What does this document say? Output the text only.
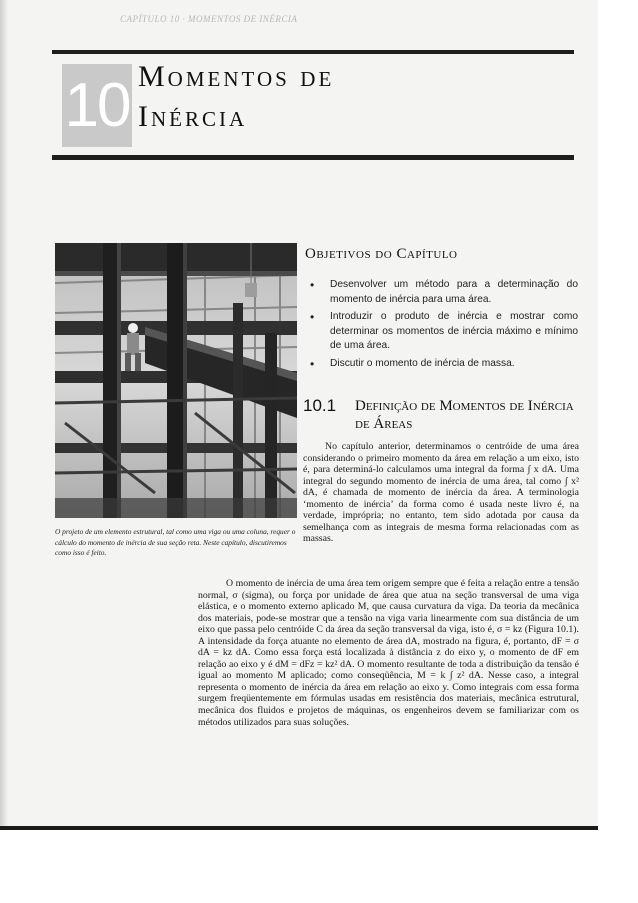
CAPÍTULO 10 · MOMENTOS DE INÉRCIA
10 Momentos de
Inércia
O projeto de um elemento estrutural, tal como uma viga ou uma coluna, requer o cálculo do momento de inércia de sua seção reta. Neste capítulo, discutiremos como isso é feito.
Objetivos do Capítulo
• Desenvolver um método para a determinação do momento de inércia para uma área.
• Introduzir o produto de inércia e mostrar como determinar os momentos de inércia máximo e mínimo de uma área.
• Discutir o momento de inércia de massa.
10.1 Definição de Momentos de Inércia de Áreas

No capítulo anterior, determinamos o centróide de uma área considerando o primeiro momento da área em relação a um eixo, isto é, para determiná-lo calculamos uma integral da forma ∫ x dA. Uma integral do segundo momento de inércia de uma área, tal como ∫ x² dA, é chamada de momento de inércia da área. A terminologia ‘momento de inércia’ da forma como é usada neste livro é, na verdade, imprópria; no entanto, tem sido adotada por causa da semelhança com as integrais de mesma forma relacionadas com as massas.

O momento de inércia de uma área tem origem sempre que é feita a relação entre a tensão normal, σ (sigma), ou força por unidade de área que atua na seção transversal de uma viga elástica, e o momento externo aplicado M, que causa curvatura da viga. Da teoria da mecânica dos materiais, pode-se mostrar que a tensão na viga varia linearmente com sua distância de um eixo que passa pelo centróide C da área da seção transversal da viga, isto é, σ = kz (Figura 10.1). A intensidade da força atuante no elemento de área dA, mostrado na figura, é, portanto, dF = σ dA = kz dA. Como essa força está localizada à distância z do eixo y, o momento de dF em relação ao eixo y é dM = dFz = kz² dA. O momento resultante de toda a distribuição da tensão é igual ao momento M aplicado; como conseqüência, M = k ∫ z² dA. Nesse caso, a integral representa o momento de inércia da área em relação ao eixo y. Como integrais com essa forma surgem freqüentemente em fórmulas usadas em resistência dos materiais, mecânica estrutural, mecânica dos fluidos e projetos de máquinas, os engenheiros devem se familiarizar com os métodos utilizados para suas soluções.
